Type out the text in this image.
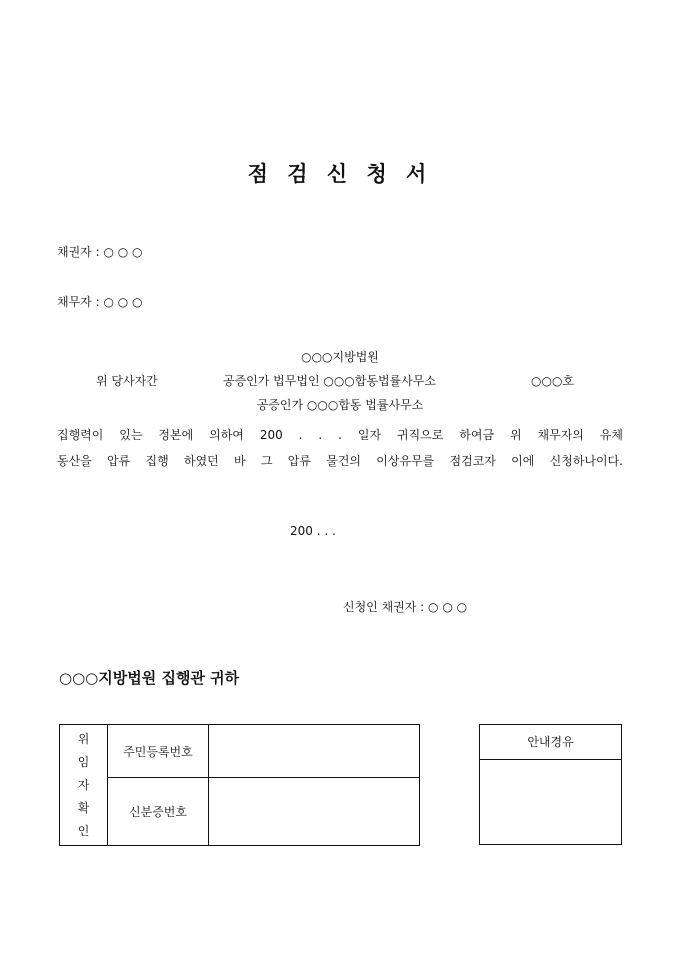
점 검 신 청 서
채권자 : ○ ○ ○
채무자 : ○ ○ ○
○○○지방법원
위 당사자간	공증인가 법무법인 ○○○합동법률사무소	○○○호
공증인가 ○○○합동 법률사무소
집행력이 있는 정본에 의하여 200 . . . 일자 귀직으로 하여금 위 채무자의 유체
동산을 압류 집행 하였던 바 그 압류 물건의 이상유무를 점검코자 이에 신청하나이다.
200 . . .
신청인 채권자 : ○ ○ ○
○○○지방법원 집행관 귀하
위
임
자
확
인	주민등록번호	
	신분증번호	
안내경유
